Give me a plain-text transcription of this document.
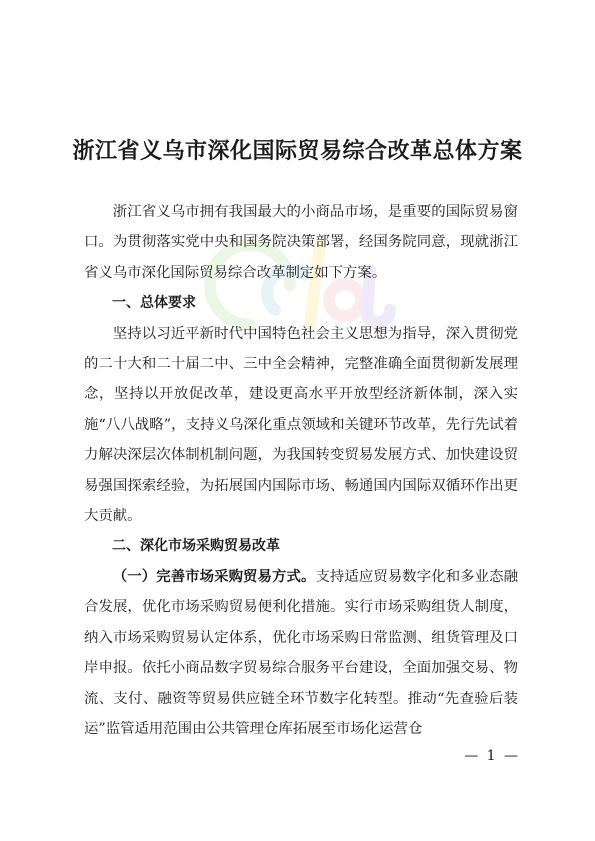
浙江省义乌市深化国际贸易综合改革总体方案

浙江省义乌市拥有我国最大的小商品市场，是重要的国际贸易窗口。为贯彻落实党中央和国务院决策部署，经国务院同意，现就浙江省义乌市深化国际贸易综合改革制定如下方案。

一、总体要求

坚持以习近平新时代中国特色社会主义思想为指导，深入贯彻党的二十大和二十届二中、三中全会精神，完整准确全面贯彻新发展理念，坚持以开放促改革，建设更高水平开放型经济新体制，深入实施“八八战略”，支持义乌深化重点领域和关键环节改革，先行先试着力解决深层次体制机制问题，为我国转变贸易发展方式、加快建设贸易强国探索经验，为拓展国内国际市场、畅通国内国际双循环作出更大贡献。

二、深化市场采购贸易改革

（一）完善市场采购贸易方式。支持适应贸易数字化和多业态融合发展，优化市场采购贸易便利化措施。实行市场采购组货人制度，纳入市场采购贸易认定体系，优化市场采购日常监测、组货管理及口岸申报。依托小商品数字贸易综合服务平台建设，全面加强交易、物流、支付、融资等贸易供应链全环节数字化转型。推动“先查验后装运”监管适用范围由公共管理仓库拓展至市场化运营仓

— 1 —
